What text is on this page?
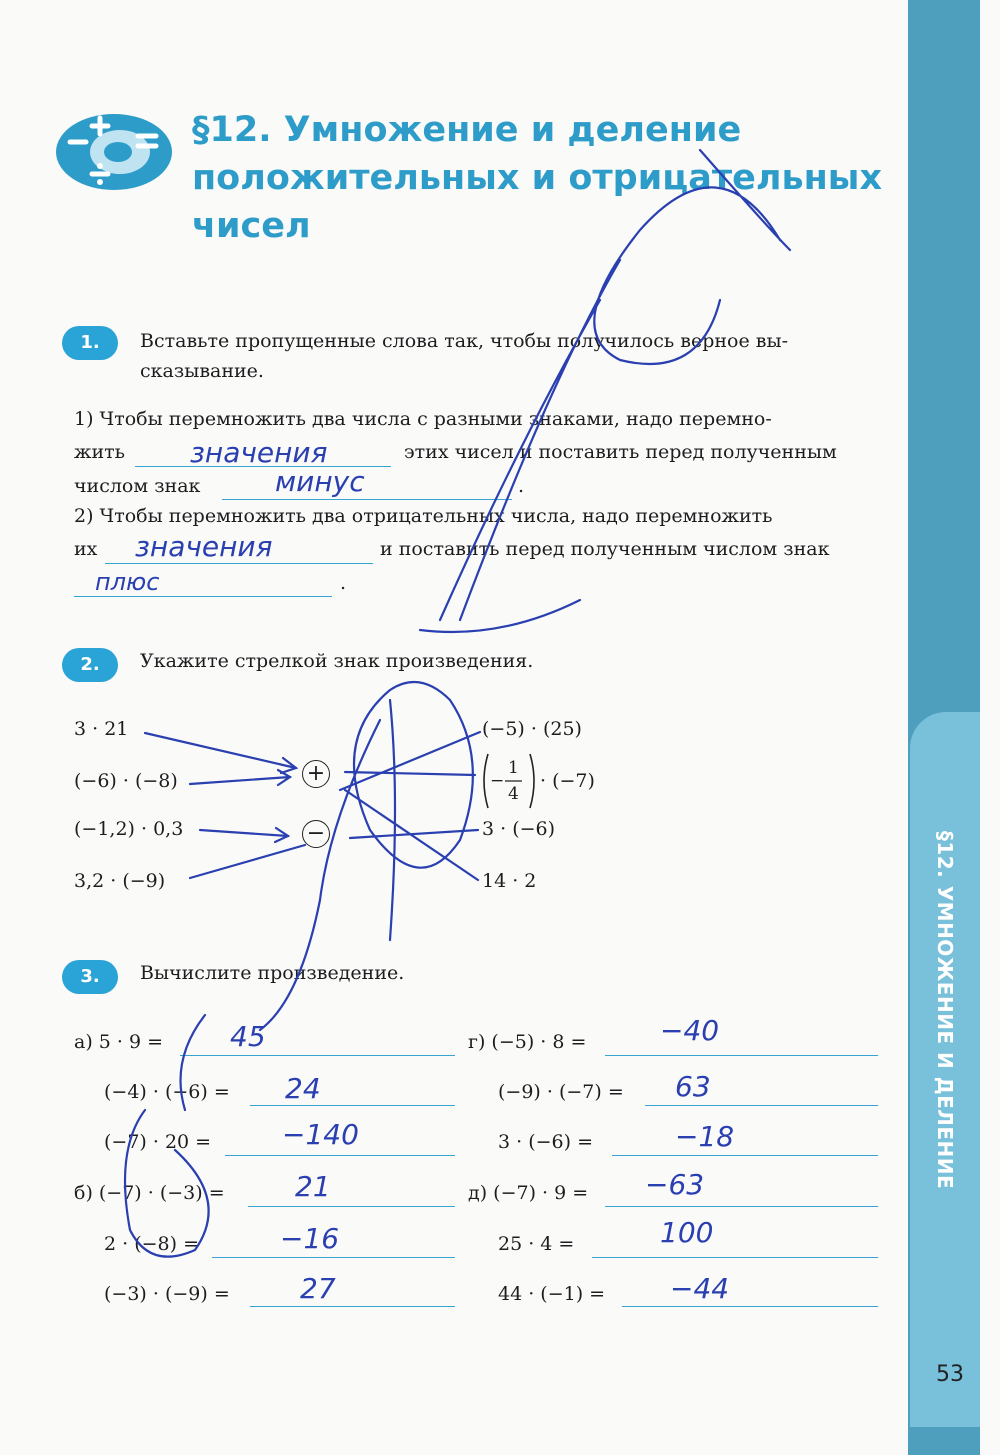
§12. УМНОЖЕНИЕ И ДЕЛЕНИЕ
53
§12. Умножение и деление
положительных и отрицательных
чисел
1.	Вставьте пропущенные слова так, чтобы получилось верное вы-
сказывание.
1) Чтобы перемножить два числа с разными знаками, надо перемно-
жить значения	этих чисел и поставить перед полученным
числом знак	минус	.
2) Чтобы перемножить два отрицательных числа, надо перемножить
их значения	и поставить перед полученным числом знак
плюс	.
2.	Укажите стрелкой знак произведения.
3 · 21
(−6) · (−8)
(−1,2) · 0,3
3,2 · (−9)
+
−
(−5) · (25)
−
1
4
· (−7)
3 · (−6)
14 · 2
3.	Вычислите произведение.
а) 5 · 9 = 45
(−4) · (−6) = 24
(−7) · 20 =	−140
б) (−7) · (−3) =	21
2 · (−8) =	−16
(−3) · (−9) =	27
г) (−5) · 8 =	−40
(−9) · (−7) = 63
3 · (−6) =	−18
д) (−7) · 9 = −63
25 · 4 =	100
44 · (−1) = −44
